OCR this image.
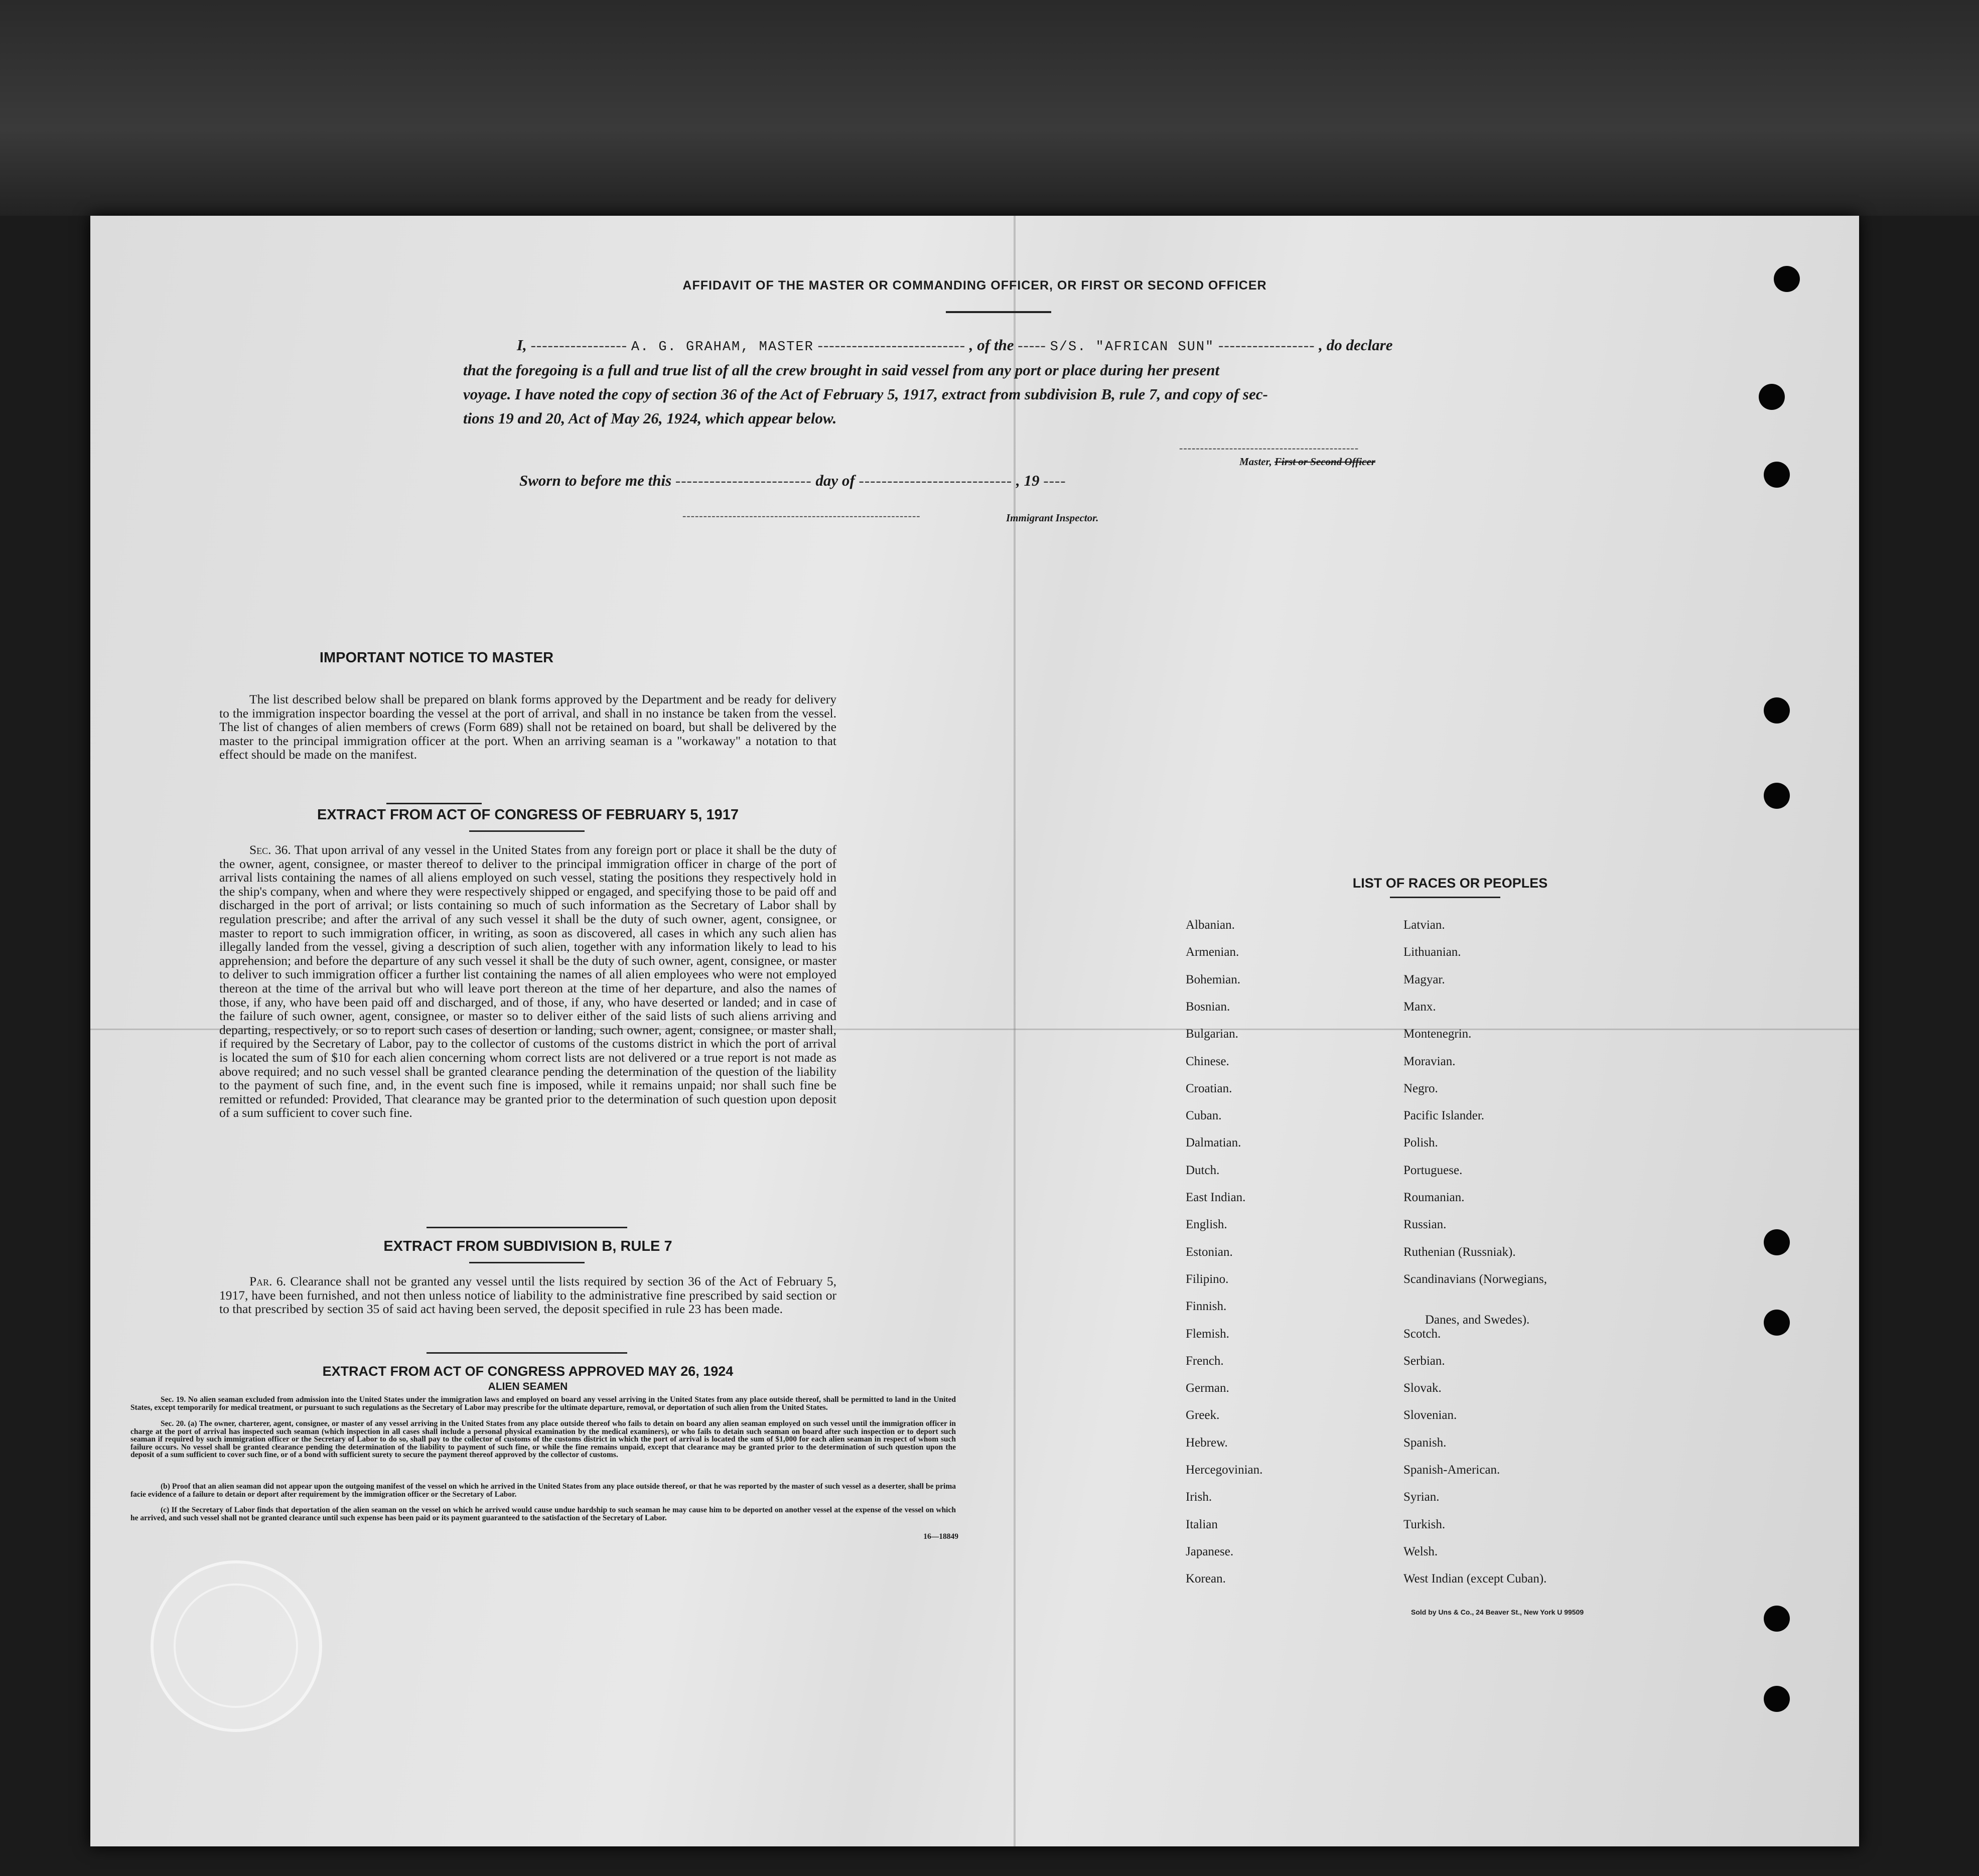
AFFIDAVIT OF THE MASTER OR COMMANDING OFFICER, OR FIRST OR SECOND OFFICER
I, ----------------- A. G. GRAHAM, MASTER -------------------------- , of the ----- S/S. "AFRICAN SUN" ----------------- , do declare
that the foregoing is a full and true list of all the crew brought in said vessel from any port or place during her present
voyage. I have noted the copy of section 36 of the Act of February 5, 1917, extract from subdivision B, rule 7, and copy of sec-
tions 19 and 20, Act of May 26, 1924, which appear below.
-------------------------------------------
Master, First or Second Officer
Sworn to before me this ------------------------ day of --------------------------- , 19 ----
---------------------------------------------------------	Immigrant Inspector.
IMPORTANT NOTICE TO MASTER
The list described below shall be prepared on blank forms approved by the Department and be ready for delivery to the immigration inspector boarding the vessel at the port of arrival, and shall in no instance be taken from the vessel. The list of changes of alien members of crews (Form 689) shall not be retained on board, but shall be delivered by the master to the principal immigration officer at the port. When an arriving seaman is a "workaway" a notation to that effect should be made on the manifest.
EXTRACT FROM ACT OF CONGRESS OF FEBRUARY 5, 1917
Sec. 36. That upon arrival of any vessel in the United States from any foreign port or place it shall be the duty of the owner, agent, consignee, or master thereof to deliver to the principal immigration officer in charge of the port of arrival lists containing the names of all aliens employed on such vessel, stating the positions they respectively hold in the ship's company, when and where they were respectively shipped or engaged, and specifying those to be paid off and discharged in the port of arrival; or lists containing so much of such information as the Secretary of Labor shall by regulation prescribe; and after the arrival of any such vessel it shall be the duty of such owner, agent, consignee, or master to report to such immigration officer, in writing, as soon as discovered, all cases in which any such alien has illegally landed from the vessel, giving a description of such alien, together with any information likely to lead to his apprehension; and before the departure of any such vessel it shall be the duty of such owner, agent, consignee, or master to deliver to such immigration officer a further list containing the names of all alien employees who were not employed thereon at the time of the arrival but who will leave port thereon at the time of her departure, and also the names of those, if any, who have been paid off and discharged, and of those, if any, who have deserted or landed; and in case of the failure of such owner, agent, consignee, or master so to deliver either of the said lists of such aliens arriving and departing, respectively, or so to report such cases of desertion or landing, such owner, agent, consignee, or master shall, if required by the Secretary of Labor, pay to the collector of customs of the customs district in which the port of arrival is located the sum of $10 for each alien concerning whom correct lists are not delivered or a true report is not made as above required; and no such vessel shall be granted clearance pending the determination of the question of the liability to the payment of such fine, and, in the event such fine is imposed, while it remains unpaid; nor shall such fine be remitted or refunded: Provided, That clearance may be granted prior to the determination of such question upon deposit of a sum sufficient to cover such fine.
EXTRACT FROM SUBDIVISION B, RULE 7
Par. 6. Clearance shall not be granted any vessel until the lists required by section 36 of the Act of February 5, 1917, have been furnished, and not then unless notice of liability to the administrative fine prescribed by said section or to that prescribed by section 35 of said act having been served, the deposit specified in rule 23 has been made.
EXTRACT FROM ACT OF CONGRESS APPROVED MAY 26, 1924
ALIEN SEAMEN
Sec. 19. No alien seaman excluded from admission into the United States under the immigration laws and employed on board any vessel arriving in the United States from any place outside thereof, shall be permitted to land in the United States, except temporarily for medical treatment, or pursuant to such regulations as the Secretary of Labor may prescribe for the ultimate departure, removal, or deportation of such alien from the United States.
Sec. 20. (a) The owner, charterer, agent, consignee, or master of any vessel arriving in the United States from any place outside thereof who fails to detain on board any alien seaman employed on such vessel until the immigration officer in charge at the port of arrival has inspected such seaman (which inspection in all cases shall include a personal physical examination by the medical examiners), or who fails to detain such seaman on board after such inspection or to deport such seaman if required by such immigration officer or the Secretary of Labor to do so, shall pay to the collector of customs of the customs district in which the port of arrival is located the sum of $1,000 for each alien seaman in respect of whom such failure occurs. No vessel shall be granted clearance pending the determination of the liability to payment of such fine, or while the fine remains unpaid, except that clearance may be granted prior to the determination of such question upon the deposit of a sum sufficient to cover such fine, or of a bond with sufficient surety to secure the payment thereof approved by the collector of customs.
(b) Proof that an alien seaman did not appear upon the outgoing manifest of the vessel on which he arrived in the United States from any place outside thereof, or that he was reported by the master of such vessel as a deserter, shall be prima facie evidence of a failure to detain or deport after requirement by the immigration officer or the Secretary of Labor.
(c) If the Secretary of Labor finds that deportation of the alien seaman on the vessel on which he arrived would cause undue hardship to such seaman he may cause him to be deported on another vessel at the expense of the vessel on which he arrived, and such vessel shall not be granted clearance until such expense has been paid or its payment guaranteed to the satisfaction of the Secretary of Labor.
16—18849
LIST OF RACES OR PEOPLES
Sold by Uns & Co., 24 Beaver St., New York U 99509
Albanian.
Armenian.
Bohemian.
Bosnian.
Bulgarian.
Chinese.
Croatian.
Cuban.
Dalmatian.
Dutch.
East Indian.
English.
Estonian.
Filipino.
Finnish.
Flemish.
French.
German.
Greek.
Hebrew.
Hercegovinian.
Irish.
Italian
Japanese.
Korean.
Latvian.
Lithuanian.
Magyar.
Manx.
Montenegrin.
Moravian.
Negro.
Pacific Islander.
Polish.
Portuguese.
Roumanian.
Russian.
Ruthenian (Russniak).
Scandinavians (Norwegians,
Danes, and Swedes).
Scotch.
Serbian.
Slovak.
Slovenian.
Spanish.
Spanish-American.
Syrian.
Turkish.
Welsh.
West Indian (except Cuban).
